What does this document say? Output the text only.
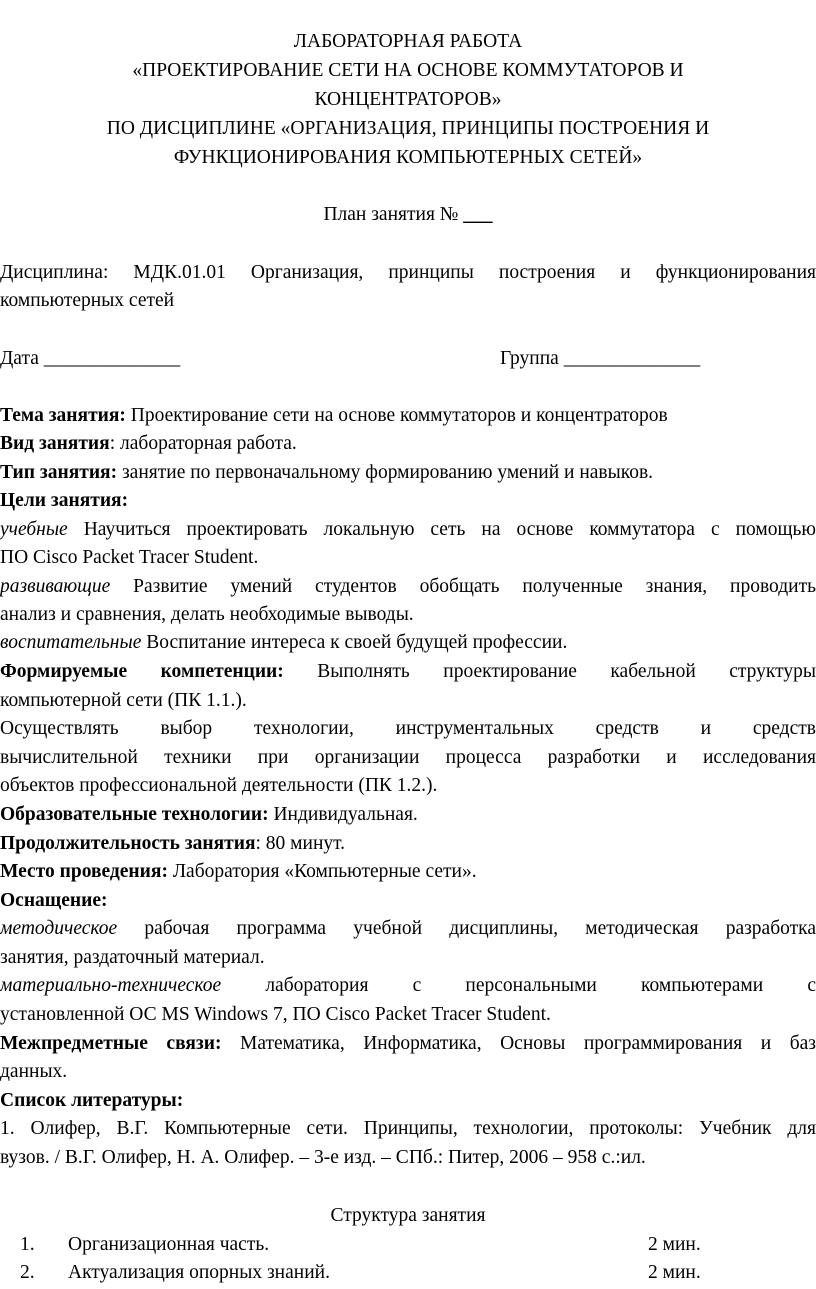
ЛАБОРАТОРНАЯ РАБОТА
«ПРОЕКТИРОВАНИЕ СЕТИ НА ОСНОВЕ КОММУТАТОРОВ И
КОНЦЕНТРАТОРОВ»
ПО ДИСЦИПЛИНЕ «ОРГАНИЗАЦИЯ, ПРИНЦИПЫ ПОСТРОЕНИЯ И
ФУНКЦИОНИРОВАНИЯ КОМПЬЮТЕРНЫХ СЕТЕЙ»
План занятия № ___
Дисциплина: МДК.01.01 Организация, принципы построения и функционирования
компьютерных сетей
Дата ______________	Группа ______________
Тема занятия: Проектирование сети на основе коммутаторов и концентраторов
Вид занятия: лабораторная работа.
Тип занятия: занятие по первоначальному формированию умений и навыков.
Цели занятия:
учебные Научиться проектировать локальную сеть на основе коммутатора с помощью
ПО Cisco Packet Tracer Student.
развивающие Развитие умений студентов обобщать полученные знания, проводить
анализ и сравнения, делать необходимые выводы.
воспитательные Воспитание интереса к своей будущей профессии.
Формируемые компетенции: Выполнять проектирование кабельной структуры
компьютерной сети (ПК 1.1.).
Осуществлять выбор технологии, инструментальных средств и средств
вычислительной техники при организации процесса разработки и исследования
объектов профессиональной деятельности (ПК 1.2.).
Образовательные технологии: Индивидуальная.
Продолжительность занятия: 80 минут.
Место проведения: Лаборатория «Компьютерные сети».
Оснащение:
методическое рабочая программа учебной дисциплины, методическая разработка
занятия, раздаточный материал.
материально-техническое лаборатория с персональными компьютерами с
установленной ОС MS Windows 7, ПО Cisco Packet Tracer Student.
Межпредметные связи: Математика, Информатика, Основы программирования и баз
данных.
Список литературы:
1. Олифер, В.Г. Компьютерные сети. Принципы, технологии, протоколы: Учебник для
вузов. / В.Г. Олифер, Н. А. Олифер. – 3-е изд. – СПб.: Питер, 2006 – 958 с.:ил.
Структура занятия
1. Организационная часть.	2 мин.
2. Актуализация опорных знаний.	2 мин.
